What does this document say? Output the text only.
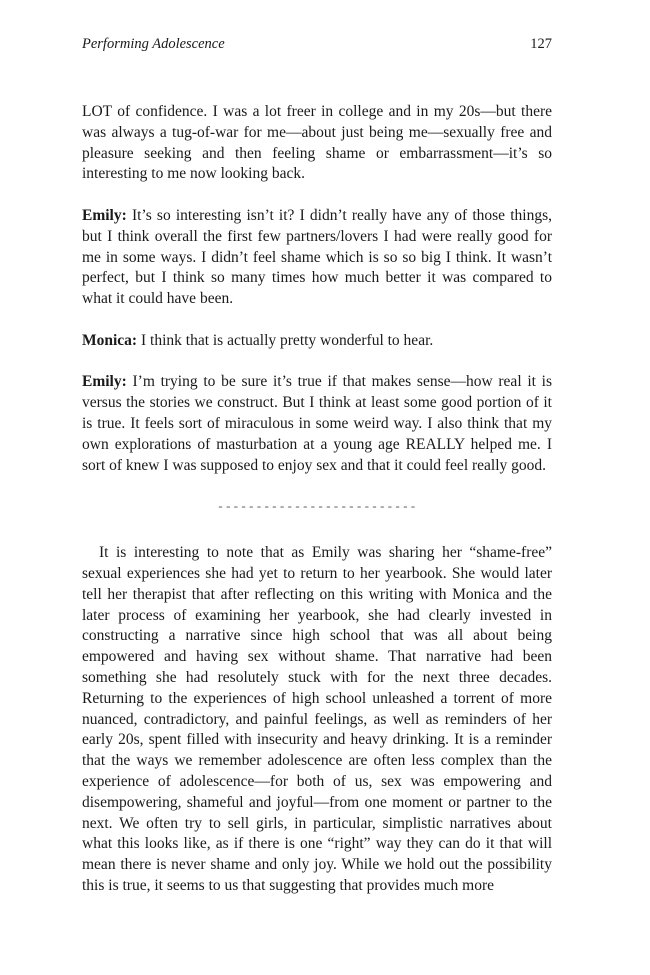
Performing Adolescence	127

LOT of confidence. I was a lot freer in college and in my 20s—but there was always a tug-of-war for me—about just being me—sexually free and pleasure seeking and then feeling shame or embarrassment—it’s so interesting to me now looking back.

Emily: It’s so interesting isn’t it? I didn’t really have any of those things, but I think overall the first few partners/lovers I had were really good for me in some ways. I didn’t feel shame which is so so big I think. It wasn’t perfect, but I think so many times how much better it was compared to what it could have been.

Monica: I think that is actually pretty wonderful to hear.

Emily: I’m trying to be sure it’s true if that makes sense—how real it is versus the stories we construct. But I think at least some good portion of it is true. It feels sort of miraculous in some weird way. I also think that my own explorations of masturbation at a young age REALLY helped me. I sort of knew I was supposed to enjoy sex and that it could feel really good.

--------------------------

It is interesting to note that as Emily was sharing her “shame-free” sexual experiences she had yet to return to her yearbook. She would later tell her therapist that after reflecting on this writing with Monica and the later process of examining her yearbook, she had clearly invested in constructing a narrative since high school that was all about being empowered and having sex without shame. That narrative had been something she had resolutely stuck with for the next three decades. Returning to the experiences of high school unleashed a torrent of more nuanced, contradictory, and painful feelings, as well as reminders of her early 20s, spent filled with insecurity and heavy drinking. It is a reminder that the ways we remember adolescence are often less complex than the experience of adolescence—for both of us, sex was empowering and disempowering, shameful and joyful—from one moment or partner to the next. We often try to sell girls, in particular, simplistic narratives about what this looks like, as if there is one “right” way they can do it that will mean there is never shame and only joy. While we hold out the possibility this is true, it seems to us that suggesting that provides much more
